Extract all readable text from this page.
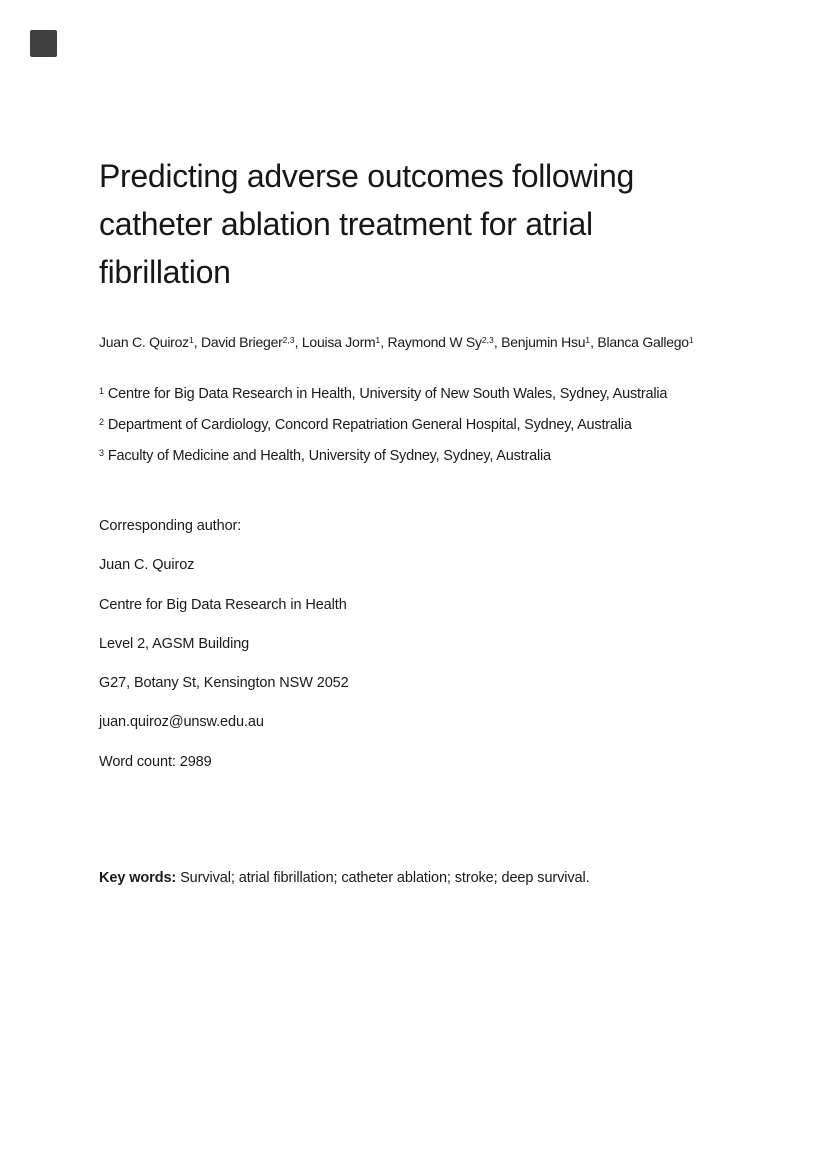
Predicting adverse outcomes following
catheter ablation treatment for atrial
fibrillation

Juan C. Quiroz$^1$, David Brieger$^{2,3}$, Louisa Jorm$^1$, Raymond W Sy$^{2,3}$, Benjumin Hsu$^1$, Blanca Gallego$^1$

$^1$ Centre for Big Data Research in Health, University of New South Wales, Sydney, Australia

$^2$ Department of Cardiology, Concord Repatriation General Hospital, Sydney, Australia

$^3$ Faculty of Medicine and Health, University of Sydney, Sydney, Australia

Corresponding author:

Juan C. Quiroz

Centre for Big Data Research in Health

Level 2, AGSM Building

G27, Botany St, Kensington NSW 2052

juan.quiroz@unsw.edu.au

Word count: 2989

Key words: Survival; atrial fibrillation; catheter ablation; stroke; deep survival.
